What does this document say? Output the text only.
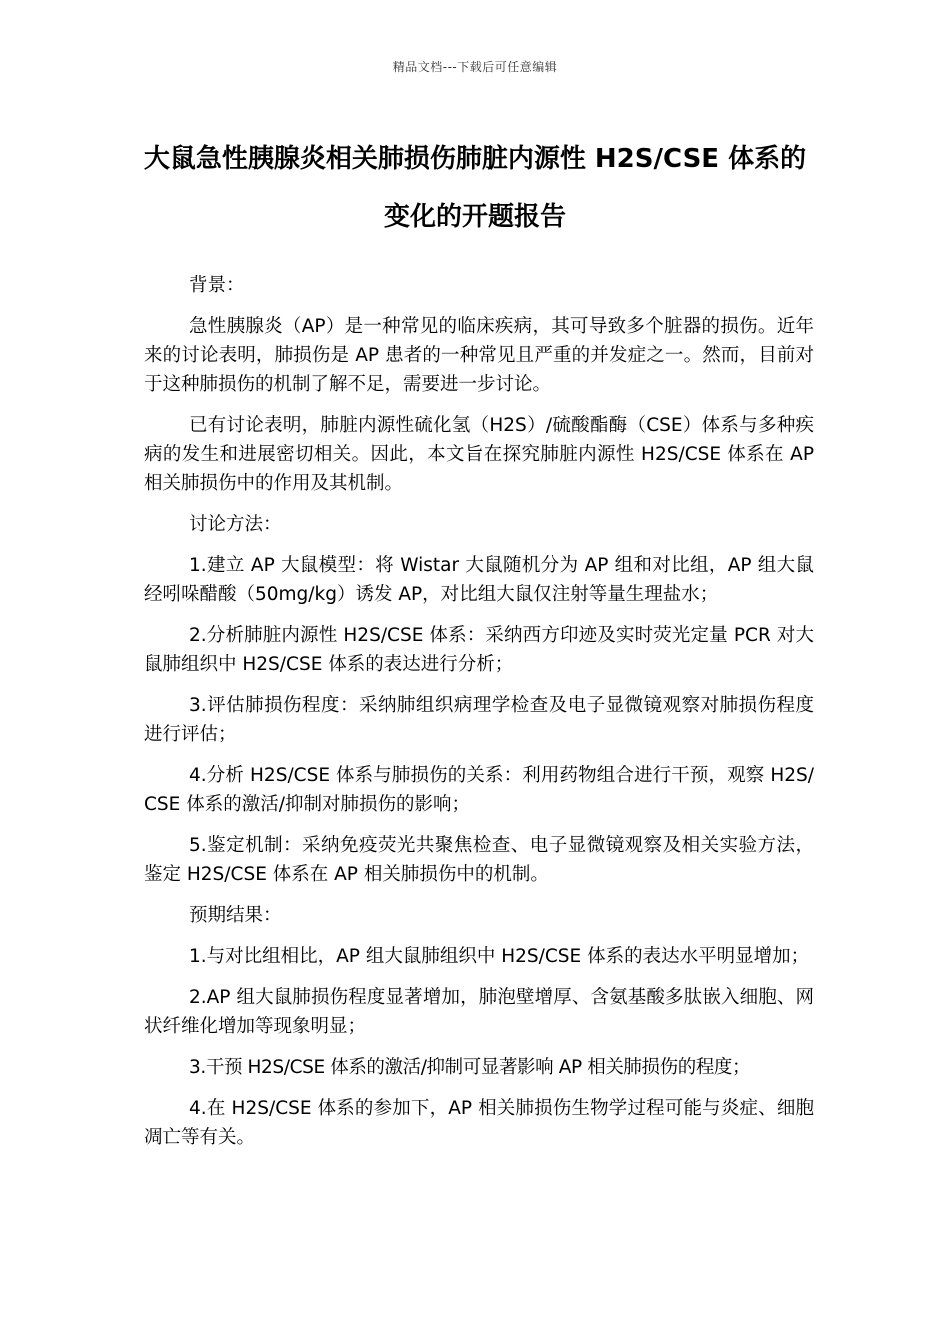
精品文档---下载后可任意编辑
大鼠急性胰腺炎相关肺损伤肺脏内源性 H2S/CSE 体系的变化的开题报告

背景：

急性胰腺炎（AP）是一种常见的临床疾病，其可导致多个脏器的损伤。近年来的讨论表明，肺损伤是 AP 患者的一种常见且严重的并发症之一。然而，目前对于这种肺损伤的机制了解不足，需要进一步讨论。

已有讨论表明，肺脏内源性硫化氢（H2S）/硫酸酯酶（CSE）体系与多种疾病的发生和进展密切相关。因此，本文旨在探究肺脏内源性 H2S/CSE 体系在 AP 相关肺损伤中的作用及其机制。

讨论方法：

1.建立 AP 大鼠模型：将 Wistar 大鼠随机分为 AP 组和对比组，AP 组大鼠经吲哚醋酸（50mg/kg）诱发 AP，对比组大鼠仅注射等量生理盐水；

2.分析肺脏内源性 H2S/CSE 体系：采纳西方印迹及实时荧光定量 PCR 对大鼠肺组织中 H2S/CSE 体系的表达进行分析；

3.评估肺损伤程度：采纳肺组织病理学检查及电子显微镜观察对肺损伤程度进行评估；

4.分析 H2S/CSE 体系与肺损伤的关系：利用药物组合进行干预，观察 H2S/CSE 体系的激活/抑制对肺损伤的影响；

5.鉴定机制：采纳免疫荧光共聚焦检查、电子显微镜观察及相关实验方法，鉴定 H2S/CSE 体系在 AP 相关肺损伤中的机制。

预期结果：

1.与对比组相比，AP 组大鼠肺组织中 H2S/CSE 体系的表达水平明显增加；

2.AP 组大鼠肺损伤程度显著增加，肺泡壁增厚、含氨基酸多肽嵌入细胞、网状纤维化增加等现象明显；

3.干预 H2S/CSE 体系的激活/抑制可显著影响 AP 相关肺损伤的程度；

4.在 H2S/CSE 体系的参加下，AP 相关肺损伤生物学过程可能与炎症、细胞凋亡等有关。
